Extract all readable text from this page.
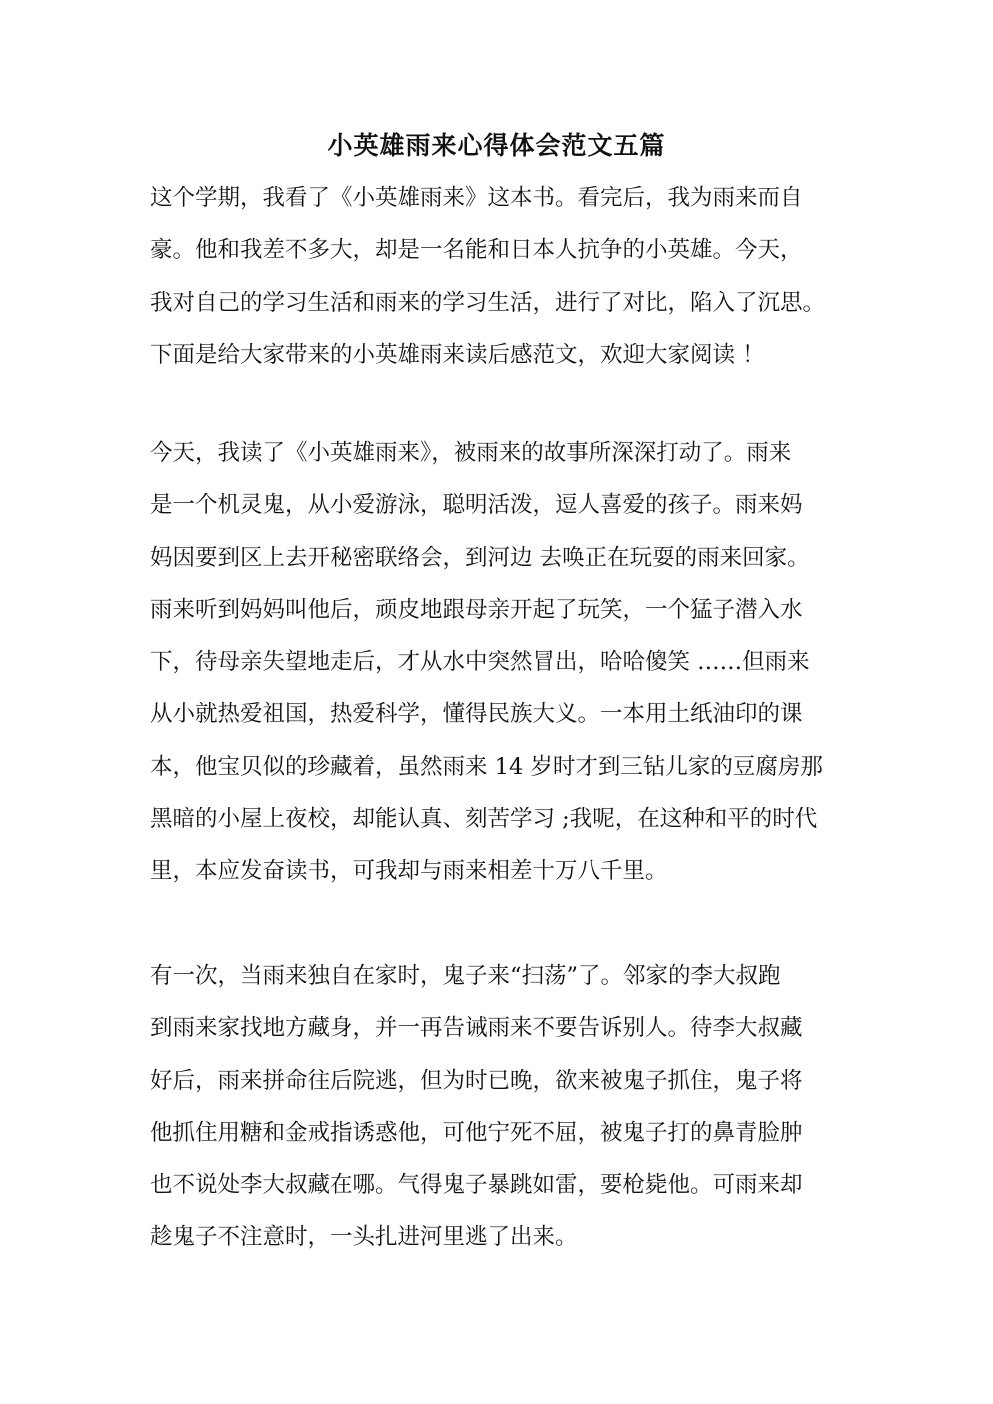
小英雄雨来心得体会范文五篇
这个学期，我看了《小英雄雨来》这本书。看完后，我为雨来而自
豪。他和我差不多大，却是一名能和日本人抗争的小英雄。今天，
我对自己的学习生活和雨来的学习生活，进行了对比，陷入了沉思。
下面是给大家带来的小英雄雨来读后感范文，欢迎大家阅读 ！
今天，我读了《小英雄雨来》，被雨来的故事所深深打动了。雨来
是一个机灵鬼，从小爱游泳，聪明活泼，逗人喜爱的孩子。雨来妈
妈因要到区上去开秘密联络会，到河边 去唤正在玩耍的雨来回家。
雨来听到妈妈叫他后，顽皮地跟母亲开起了玩笑，一个猛子潜入水
下，待母亲失望地走后，才从水中突然冒出，哈哈傻笑 ……但雨来
从小就热爱祖国，热爱科学，懂得民族大义。一本用土纸油印的课
本，他宝贝似的珍藏着，虽然雨来 14 岁时才到三钻儿家的豆腐房那
黑暗的小屋上夜校，却能认真、刻苦学习 ;我呢，在这种和平的时代
里，本应发奋读书，可我却与雨来相差十万八千里。
有一次，当雨来独自在家时，鬼子来“扫荡”了。邻家的李大叔跑
到雨来家找地方藏身，并一再告诫雨来不要告诉别人。待李大叔藏
好后，雨来拼命往后院逃，但为时已晚，欲来被鬼子抓住，鬼子将
他抓住用糖和金戒指诱惑他，可他宁死不屈，被鬼子打的鼻青脸肿
也不说处李大叔藏在哪。气得鬼子暴跳如雷，要枪毙他。可雨来却
趁鬼子不注意时，一头扎进河里逃了出来。
